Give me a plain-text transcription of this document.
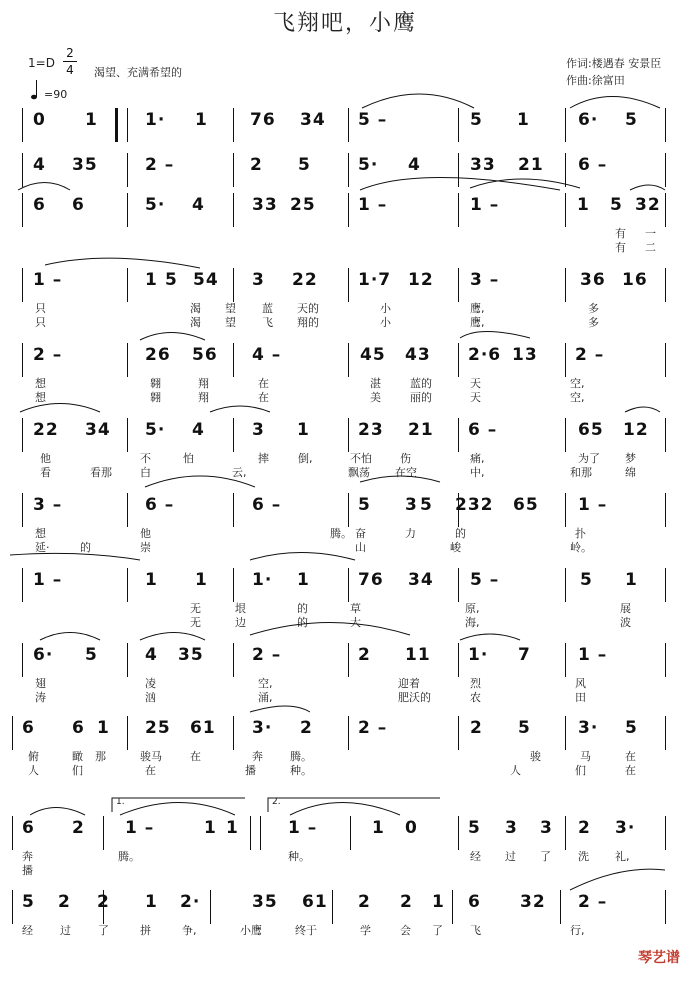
飞翔吧，小鹰
1=D
2
4 渴望、充满希望的
=90
作词:楼遇春 安景臣
作曲:徐富田
0 1	1· 1 76 34 5 –	5 1	6· 5
4 35	2 –	2 5	5· 4	33 21 6 –
6 6	5· 4	33 25 1 –	1 –	1 5 32
有 一
有 二
1 –	1 5 54 3 22 1·7 12 3 –	36 16
只	渴 望 蓝 天的	小	鹰,	多
只	渴 望 飞 翔的	小	鹰,	多
2 –	26 56 4 –	45 43 2·6 13 2 –
想	翱	翔	在	湛	蓝的	天	空,
想	翱	翔	在	美	丽的	天	空,
22 34 5· 4	3 1	23 21 6 –	65 12
他	不	怕	摔	倒,	不怕	伤	痛,	为了 梦
看	看那	白	云,	飘荡 在空	中,	和那	绵
3 –	6 –	6 –	5 3 5 232 65 1 –
想	他	奋	力	的	扑
腾。
延·	的	崇	山	峻	岭。
1 –	1 1	1· 1	76 34 5 –	5 1
无	垠	的	草	原,	展
无	边	的	大	海,	波
6· 5	4 35	2 –	2 11 1· 7	1 –
翅	凌	空,	迎着	烈	风
涛	汹	涌,	肥沃的	农	田
6 6 1 25 61 3· 2	2 –	2 5	3· 5
俯	瞰 那	骏马	在	奔 腾。	骏	马	在
人	们	在	播	种。	人	们	在
6 2 1 –	1 1	1 –	1 0	5 3 3 2 3·
奔	腾。	种。	经 过 了 洗 礼,
播
5 2 2 1 2·	35 61 2 2 1 6 32 2 –
经 过 了	拼	争,	小鹰	终于	学	会 了 飞	行,
1.	2.
琴艺谱
